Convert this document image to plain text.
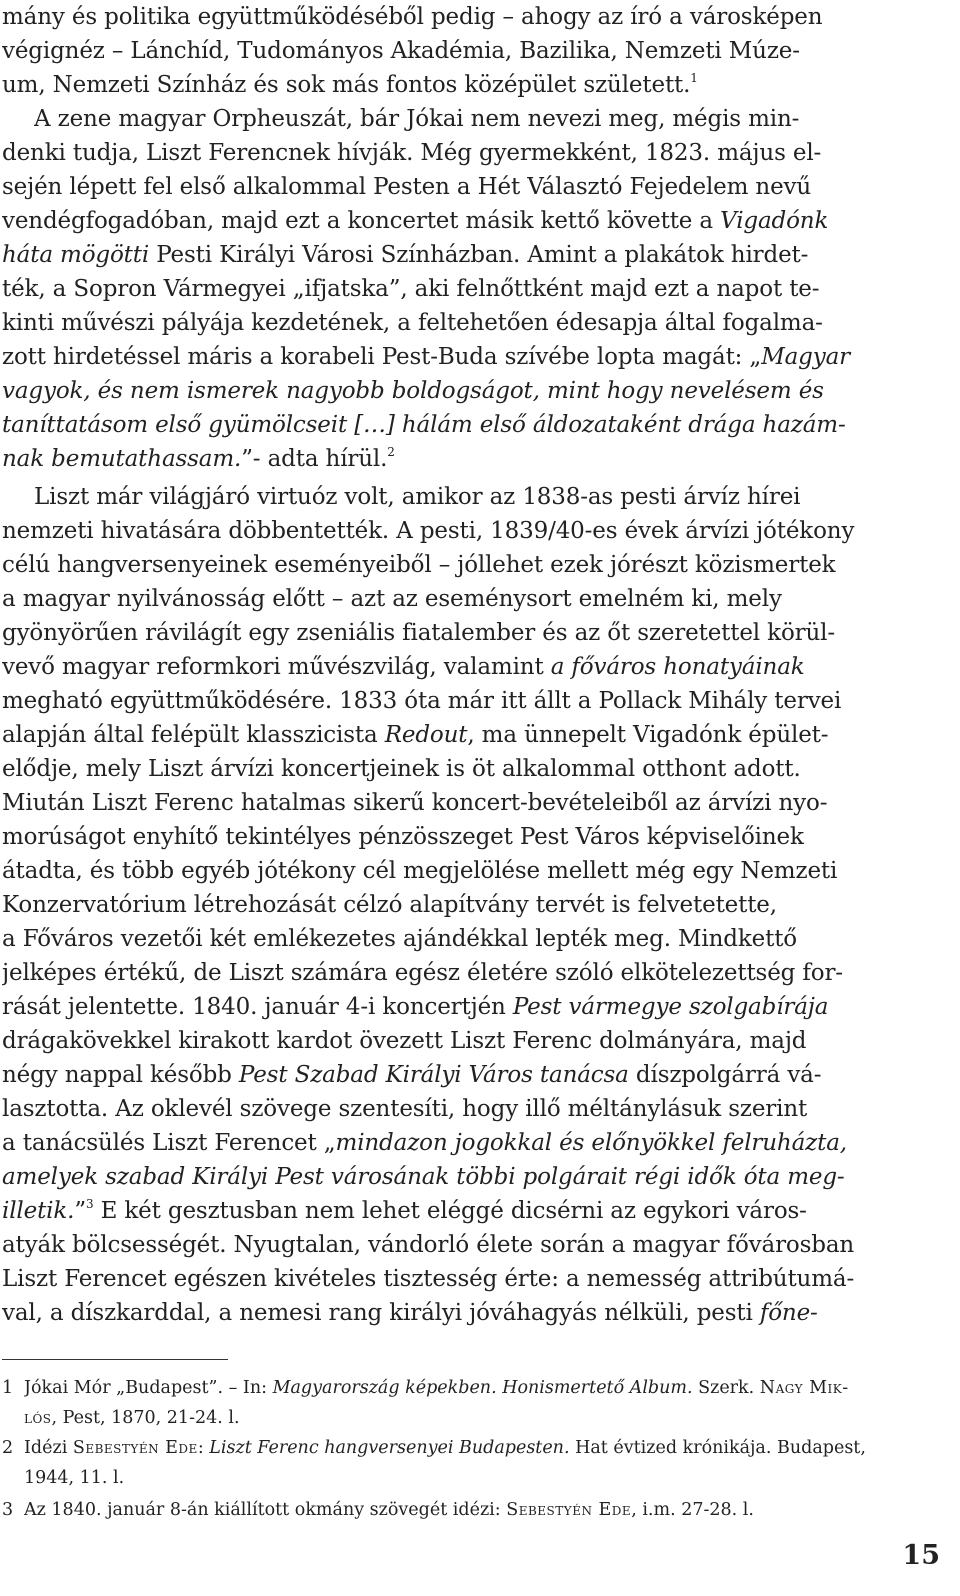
mány és politika együttműködéséből pedig – ahogy az író a városképen
végignéz – Lánchíd, Tudományos Akadémia, Bazilika, Nemzeti Múze-
um, Nemzeti Színház és sok más fontos középület született.$^1$
A zene magyar Orpheuszát, bár Jókai nem nevezi meg, mégis min-
denki tudja, Liszt Ferencnek hívják. Még gyermekként, 1823. május el-
sején lépett fel első alkalommal Pesten a Hét Választó Fejedelem nevű
vendégfogadóban, majd ezt a koncertet másik kettő követte a Vigadónk
háta mögötti Pesti Királyi Városi Színházban. Amint a plakátok hirdet-
ték, a Sopron Vármegyei „ifjatska”, aki felnőttként majd ezt a napot te-
kinti művészi pályája kezdetének, a feltehetően édesapja által fogalma-
zott hirdetéssel máris a korabeli Pest-Buda szívébe lopta magát: „Magyar
vagyok, és nem ismerek nagyobb boldogságot, mint hogy nevelésem és
taníttatásom első gyümölcseit […] hálám első áldozataként drága hazám-
nak bemutathassam.”- adta hírül.$^2$
Liszt már világjáró virtuóz volt, amikor az 1838-as pesti árvíz hírei
nemzeti hivatására döbbentették. A pesti, 1839/40-es évek árvízi jótékony
célú hangversenyeinek eseményeiből – jóllehet ezek jórészt közismertek
a magyar nyilvánosság előtt – azt az eseménysort emelném ki, mely
gyönyörűen rávilágít egy zseniális fiatalember és az őt szeretettel körül-
vevő magyar reformkori művészvilág, valamint a főváros honatyáinak
megható együttműködésére. 1833 óta már itt állt a Pollack Mihály tervei
alapján által felépült klasszicista Redout, ma ünnepelt Vigadónk épület-
elődje, mely Liszt árvízi koncertjeinek is öt alkalommal otthont adott.
Miután Liszt Ferenc hatalmas sikerű koncert-bevételeiből az árvízi nyo-
morúságot enyhítő tekintélyes pénzösszeget Pest Város képviselőinek
átadta, és több egyéb jótékony cél megjelölése mellett még egy Nemzeti
Konzervatórium létrehozását célzó alapítvány tervét is felvetetette,
a Főváros vezetői két emlékezetes ajándékkal lepték meg. Mindkettő
jelképes értékű, de Liszt számára egész életére szóló elkötelezettség for-
rását jelentette. 1840. január 4-i koncertjén Pest vármegye szolgabírája
drágakövekkel kirakott kardot övezett Liszt Ferenc dolmányára, majd
négy nappal később Pest Szabad Királyi Város tanácsa díszpolgárrá vá-
lasztotta. Az oklevél szövege szentesíti, hogy illő méltánylásuk szerint
a tanácsülés Liszt Ferencet „mindazon jogokkal és előnyökkel felruházta,
amelyek szabad Királyi Pest városának többi polgárait régi idők óta meg-
illetik.”$^3$ E két gesztusban nem lehet eléggé dicsérni az egykori város-
atyák bölcsességét. Nyugtalan, vándorló élete során a magyar fővárosban
Liszt Ferencet egészen kivételes tisztesség érte: a nemesség attribútumá-
val, a díszkarddal, a nemesi rang királyi jóváhagyás nélküli, pesti főne-
1 Jókai Mór „Budapest”. – In: Magyarország képekben. Honismertető Album. Szerk. Nagy Mik-
lós, Pest, 1870, 21-24. l.
2 Idézi Sebestyén Ede: Liszt Ferenc hangversenyei Budapesten. Hat évtized krónikája. Budapest,
1944, 11. l.
3 Az 1840. január 8-án kiállított okmány szövegét idézi: Sebestyén Ede, i.m. 27-28. l.
15
